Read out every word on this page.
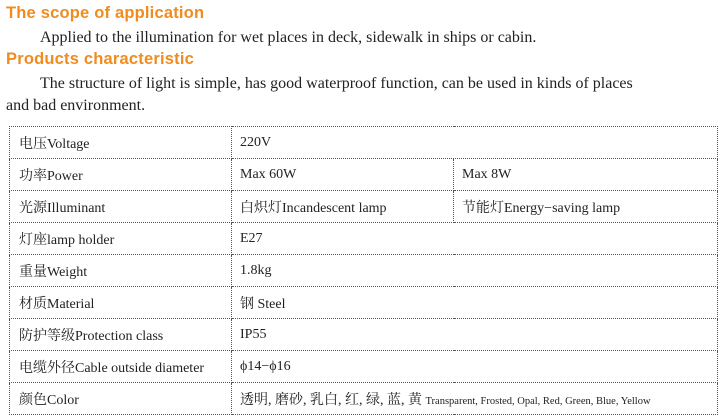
The scope of application
Applied to the illumination for wet places in deck, sidewalk in ships or cabin.
Products characteristic
The structure of light is simple, has good waterproof function, can be used in kinds of places
and bad environment.
电压Voltage	220V	
功率Power	Max 60W	Max 8W
光源Illuminant	白炽灯Incandescent lamp	节能灯Energy−saving lamp
灯座lamp holder	E27	
重量Weight	1.8kg	
材质Material	钢 Steel	
防护等级Protection class	IP55	
电缆外径Cable outside diameter	ϕ14−ϕ16	
颜色Color	透明, 磨砂, 乳白, 红, 绿, 蓝, 黄 Transparent, Frosted, Opal, Red, Green, Blue, Yellow	
